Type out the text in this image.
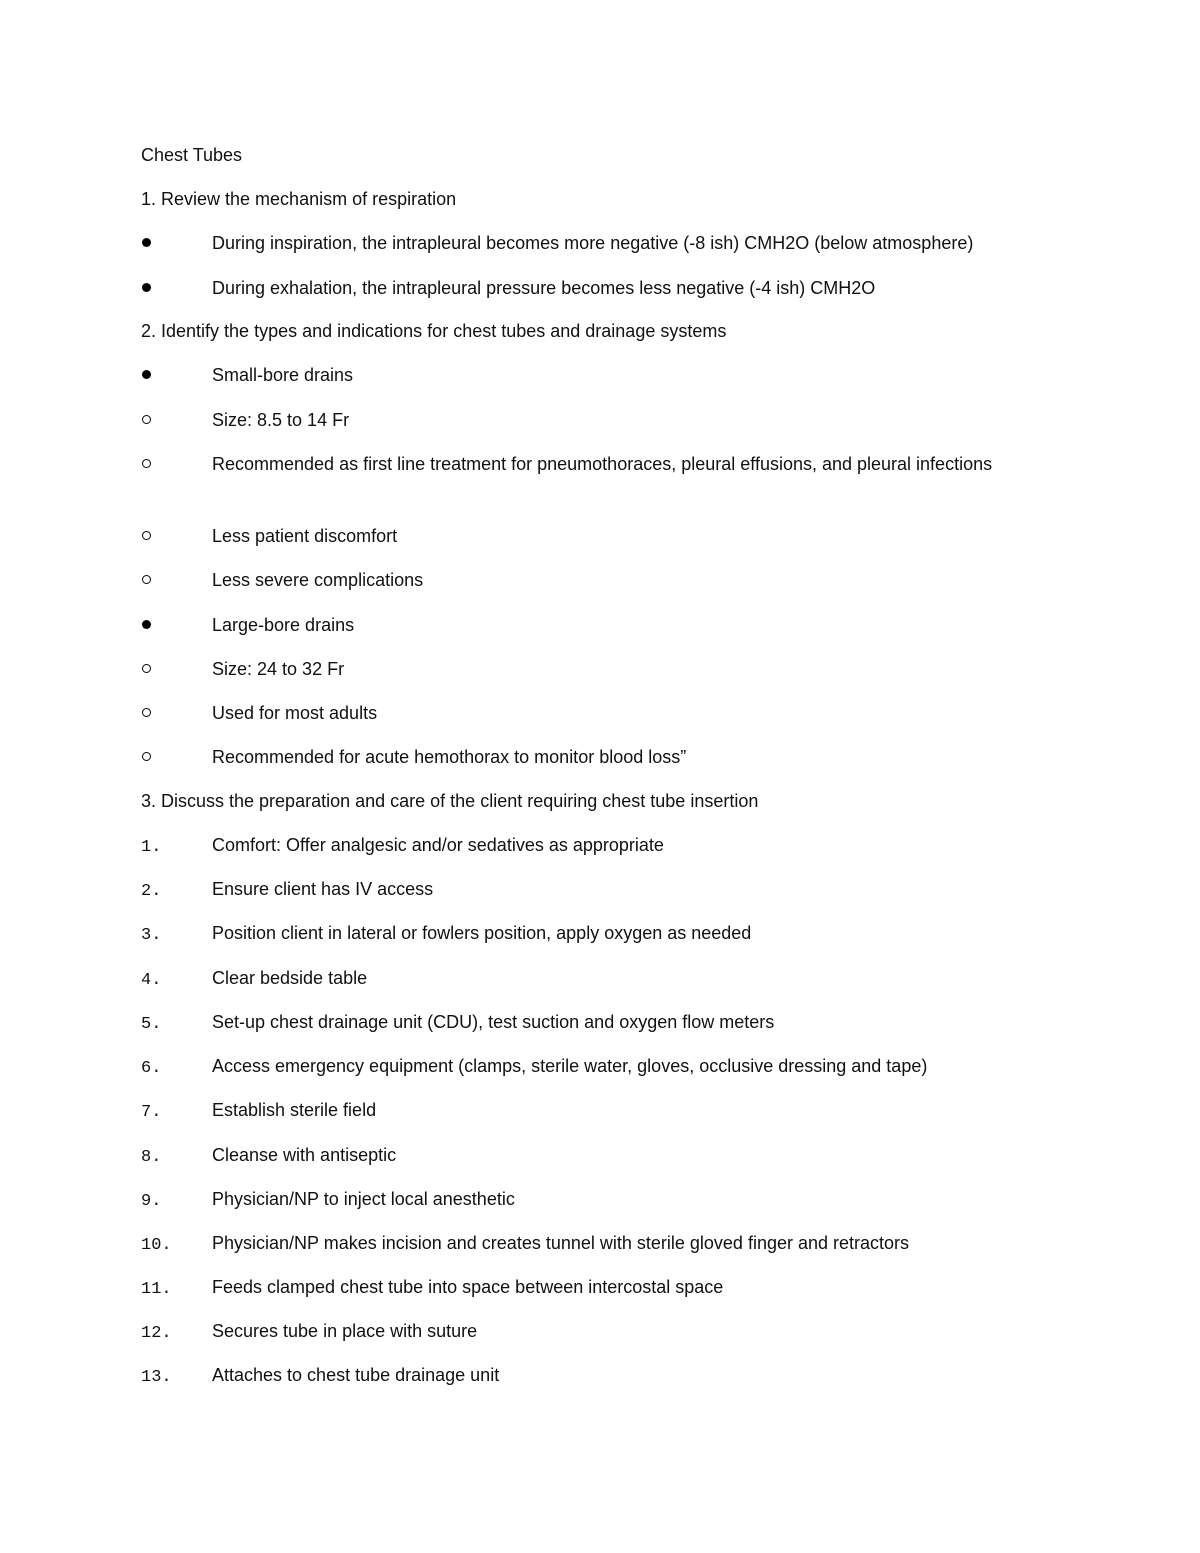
Chest Tubes
1. Review the mechanism of respiration
During inspiration, the intrapleural becomes more negative (-8 ish) CMH2O (below atmosphere)
During exhalation, the intrapleural pressure becomes less negative (-4 ish) CMH2O
2. Identify the types and indications for chest tubes and drainage systems
Small-bore drains
Size: 8.5 to 14 Fr
Recommended as first line treatment for pneumothoraces, pleural effusions, and pleural infections
Less patient discomfort
Less severe complications
Large-bore drains
Size: 24 to 32 Fr
Used for most adults
Recommended for acute hemothorax to monitor blood loss”
3. Discuss the preparation and care of the client requiring chest tube insertion
1.	Comfort: Offer analgesic and/or sedatives as appropriate
2.	Ensure client has IV access
3.	Position client in lateral or fowlers position, apply oxygen as needed
4.	Clear bedside table
5.	Set-up chest drainage unit (CDU), test suction and oxygen flow meters
6.	Access emergency equipment (clamps, sterile water, gloves, occlusive dressing and tape)
7.	Establish sterile field
8.	Cleanse with antiseptic
9.	Physician/NP to inject local anesthetic
10. Physician/NP makes incision and creates tunnel with sterile gloved finger and retractors
11. Feeds clamped chest tube into space between intercostal space
12. Secures tube in place with suture
13. Attaches to chest tube drainage unit
